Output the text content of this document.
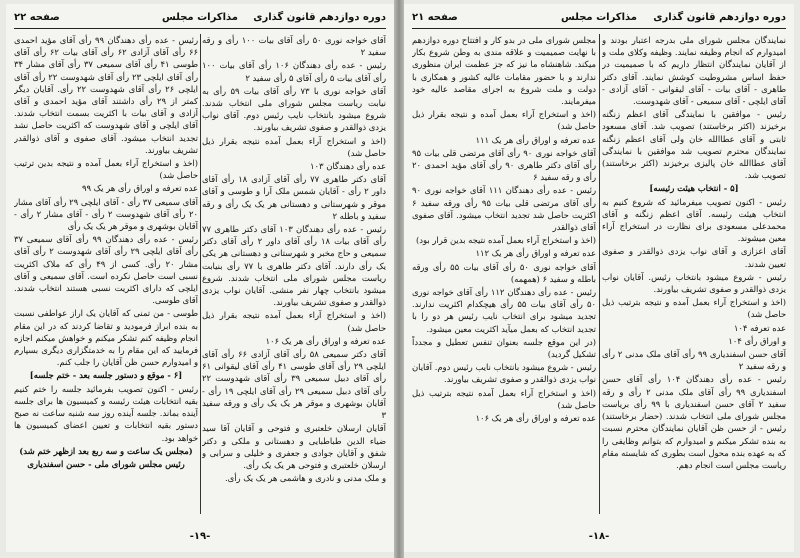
دوره دوازدهم قانون گذاری
مذاکرات مجلس
صفحه ۲۲

آقای خواجه نوری ۵۰ رأی آقای بیات ۱۰۰ رأی و رقه سفید ۲

رئیس - عده رأی دهندگان ۱۰۶ رأی آقای بیات ۱۰۰ رأی آقای بیات ۵ رأی آقای ۵ رأی سفید ۲

آقای خواجه نوری با ۷۳ رأی آقای بیات ۵۹ رأی به نیابت ریاست مجلس شورای ملی انتخاب شدند. شروع میشود بانتخاب نایب رئیس دوم. آقای نواب یزدی ذوالقدر و صفوی تشریف بیاورند.

(اخذ و استخراج آراء بعمل آمده نتیجه بقرار ذیل حاصل شد)

عده رأی دهندگان ۱۰۳

آقای دکتر طاهری ۷۷ رأی آقای آزادی ۱۸ رأی آقای داور ۲ رأی - آقایان شمس ملک آرا و طوسی و آقای موقر و شهرستانی و دهستانی هر یک یک رأی و رقه سفید و باطله ۲

رئیس - عده رأی دهندگان ۱۰۳ آقای دکتر طاهری ۷۷ رأی آقای بیات ۱۸ رأی آقای داور ۲ رأی آقای دکتر سمیعی و حاج مخبر و شهرستانی و دهستانی هر یکی یک رأی دارند. آقای دکتر طاهری با ۷۷ رأی بنیابت ریاست مجلس شورای ملی انتخاب شدند. شروع میشود بانتخاب چهار نفر منشی. آقایان نواب یزدی ذوالقدر و صفوی تشریف بیاورند.

(اخذ و استخراج آراء بعمل آمده نتیجه بقرار ذیل حاصل شد)

عده تعرفه و اوراق رأی هر یک ۱۰۶

آقای دکتر سمیعی ۵۸ رأی آقای آزادی ۶۶ رأی آقای ایلچی ۲۹ رأی آقای طوسی ۴۱ رأی آقای لیقوانی ۶۱ رأی آقای دبیل سمیعی ۳۹ رأی آقای شهدوست ۲۲ رأی آقای دبیل سمیعی ۲۹ رأی آقای ایلچی ۱۹ رأی - آقایان بوشهری و موقر هر یک یک رأی و ورقه سفید ۳

آقایان ارسلان خلعتبری و فتوحی و آقایان آقا سید ضیاء الدین طباطبایی و دهستانی و ملکی و دکتر شفق و آقایان جوادی و جعفری و خلیلی و سرابی و ارسلان خلعتبری و فتوحی هر یک یک رأی.

و ملک مدنی و نادری و هاشمی هر یک یک رأی.

رئیس - عده رأی دهندگان ۹۹ رأی آقای مؤید احمدی ۶۶ رأی آقای آزادی ۶۲ رأی آقای بیات ۶۲ رأی آقای طوسی ۴۱ رأی آقای سمیعی ۳۷ رأی آقای مشار ۳۴ رأی آقای ایلچی ۲۳ رأی آقای شهدوست ۲۲ رأی آقای ایلچی ۲۶ رأی آقای شهدوست ۲۲ رأی. آقایان دیگر کمتر از ۲۹ رأی داشتند آقای مؤید احمدی و آقای آزادی و آقای بیات با اکثریت بسمت انتخاب شدند. آقای ایلچی و آقای شهدوست که اکثریت حاصل نشد تجدید انتخاب میشود. آقای صفوی و آقای ذوالقدر تشریف بیاورند.

(اخذ و استخراج آراء بعمل آمده و نتیجه بدین ترتیب حاصل شد)

عده تعرفه و اوراق رأی هر یک ۹۹

آقای سمیعی ۳۷ رأی - آقای ایلچی ۲۹ رأی آقای مشار ۲۰ رأی آقای شهدوست ۲ رأی - آقای مشار ۲ رأی - آقایان بوشهری و موقر هر یک یک رأی

رئیس - عده رأی دهندگان ۹۹ رأی آقای سمیعی ۳۷ رأی آقای ایلچی ۲۹ رأی آقای شهدوست ۲ رأی آقای مشار ۲۰ رأی. کسی از ۴۹ رأی که ملاک اکثریت نسبی است حاصل نکرده است. آقای سمیعی و آقای ایلچی که دارای اکثریت نسبی هستند انتخاب شدند. آقای طوسی.

طوسی - من تمنی که آقایان یک اراز عواطفی نسبت به بنده ابراز فرمودید و تقاضا کردند که در این مقام انجام وظیفه کنم تشکر میکنم و خواهش میکنم اجازه فرمایید که این مقام را به خدمتگزاری دیگری بسپارم و امیدوارم حسن ظن آقایان را جلب کنم.

[۶ - موقع و دستور جلسه بعد - ختم جلسه]

رئیس - اکنون تصویب بفرمائید جلسه را ختم کنیم بقیه انتخابات هیئت رئیسه و کمیسیون ها برای جلسه آینده بماند. جلسه آینده روز سه شنبه ساعت نه صبح دستور بقیه انتخابات و تعیین اعضای کمیسیون ها خواهد بود.

(مجلس یک ساعت و سه ربع بعد ازظهر ختم شد)

رئیس مجلس شورای ملی - حسن اسفندیاری

-۱۹-
دوره دوازدهم قانون گذاری
مذاکرات مجلس
صفحه ۲۱

نمایندگان مجلس شورای ملی بدرجه اعتبار بودند و امیدوارم که انجام وظیفه نمایند. وظیفه وکلای ملت و از آقایان نمایندگان انتظار داریم که با صمیمیت در حفظ اساس مشروطیت کوشش نمایند. آقای دکتر طاهری - آقای بیات - آقای لیقوانی - آقای آزادی - آقای ایلچی - آقای سمیعی - آقای شهدوست.

رئیس - موافقین با نمایندگی آقای اعظم زنگنه برخیزند (اکثر برخاستند) تصویب شد. آقای مسعود ثابتی و آقای عطاالله خان ولی آقای اعظم زنگنه نمایندگان محترم تصویب شد موافقین با نمایندگی آقای عطاالله خان پالیزی برخیزند (اکثر برخاستند) تصویب شد.

[۵ - انتخاب هیئت رئیسه]

رئیس - اکنون تصویب میفرمائید که شروع کنیم به انتخاب هیئت رئیسه. آقای اعظم زنگنه و آقای محمدعلی مسعودی برای نظارت در استخراج آراء معین میشوند.

آقای اعزازی و آقای نواب یزدی ذوالقدر و صفوی تعیین شدند.

رئیس - شروع میشود بانتخاب رئیس. آقایان نواب یزدی ذوالقدر و صفوی تشریف بیاورند.

(اخذ و استخراج آراء بعمل آمده و نتیجه بترتیب ذیل حاصل شد)

عده تعرفه ۱۰۴

و اوراق رأی ۱۰۴

آقای حسن اسفندیاری ۹۹ رأی آقای ملک مدنی ۲ رأی و رقه سفید ۲

رئیس - عده رأی دهندگان ۱۰۴ رأی آقای حسن اسفندیاری ۹۹ رأی آقای ملک مدنی ۲ رأی و رقه سفید ۲ آقای حسن اسفندیاری با ۹۹ رأی بریاست مجلس شورای ملی انتخاب شدند. (حضار برخاستند) رئیس - از حسن ظن آقایان نمایندگان محترم نسبت به بنده تشکر میکنم و امیدوارم که بتوانم وظایفی را که به عهده بنده محول است بطوری که شایسته مقام ریاست مجلس است انجام دهم.

مجلس شورای ملی در بدو کار و افتتاح دوره دوازدهم با نهایت صمیمیت و علاقه مندی به وطن شروع بکار میکند. شاهنشاه ما نیز که جز عظمت ایران منظوری ندارند و با حضور مقامات عالیه کشور و همکاری با دولت و ملت شروع به اجرای مقاصد عالیه خود میفرمایند.

(اخذ و استخراج آراء بعمل آمده و نتیجه بقرار ذیل حاصل شد)

عده تعرفه و اوراق رأی هر یک ۱۱۱

آقای خواجه نوری ۹۰ رأی آقای مرتضی قلی بیات ۹۵ رأی آقای دکتر طاهری ۹۰ رأی آقای مؤید احمدی ۲۰ رأی و رقه سفید ۶

رئیس - عده رأی دهندگان ۱۱۱ آقای خواجه نوری ۹۰ رأی آقای مرتضی قلی بیات ۹۵ رأی ورقه سفید ۶ اکثریت حاصل شد تجدید انتخاب میشود. آقای صفوی آقای ذوالقدر

(اخذ و استخراج آراء بعمل آمده نتیجه بدین قرار بود)

عده تعرفه و اوراق رأی هر یک ۱۱۲

آقای خواجه نوری ۵۰ رأی آقای بیات ۵۵ رأی ورقه باطله و سفید ۶ (همهمه)

رئیس - عده رأی دهندگان ۱۱۲ رأی آقای خواجه نوری ۵۰ رأی آقای بیات ۵۵ رأی هیچکدام اکثریت ندارند. تجدید میشود برای انتخاب نایب رئیس هر دو را با تجدید انتخاب که بعمل میآید اکثریت معین میشود.

(در این موقع جلسه بعنوان تنفس تعطیل و مجدداً تشکیل گردید)

رئیس - شروع میشود بانتخاب نایب رئیس دوم. آقایان نواب یزدی ذوالقدر و صفوی تشریف بیاورند.

(اخذ و استخراج آراء بعمل آمده نتیجه بترتیب ذیل حاصل شد)

عده تعرفه و اوراق رأی هر یک ۱۰۶

-۱۸-
